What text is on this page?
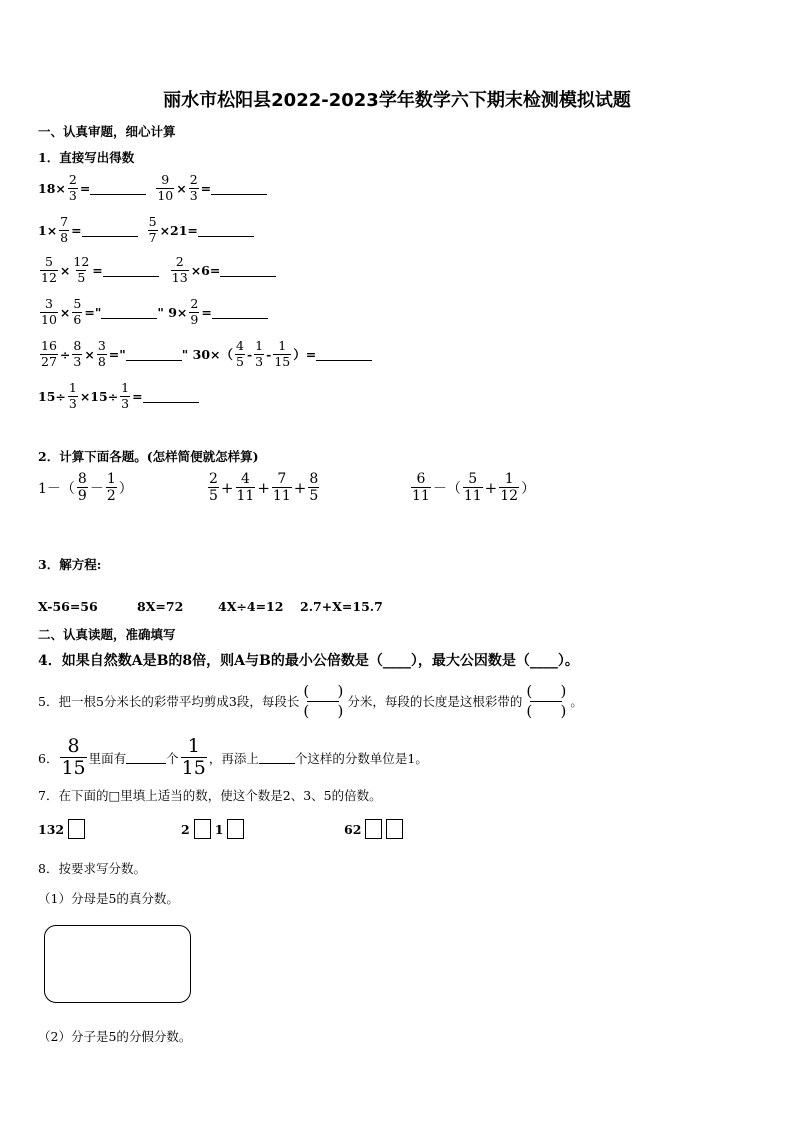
丽水市松阳县2022-2023学年数学六下期末检测模拟试题
一、认真审题，细心计算
1．直接写出得数
$18\times \frac{2}{3}$ =	$\frac{9}{10} \times \frac{2}{3}$ =
$1\times \frac{7}{8}$ =	$\frac{5}{7} \times 21=$
$\frac{5}{12} \times \frac{12}{5}$ =	$\frac{2}{13} \times 6=$
$\frac{3}{10} \times \frac{5}{6}$ ="	" $9\times \frac{2}{9}$ =
$\frac{16}{27} \div \frac{8}{3} \times \frac{3}{8}$ ="	" $30\times( \frac{4}{5} - \frac{1}{3} - \frac{1}{15}$ ）=
$15\div \frac{1}{3} \times 15\div \frac{1}{3}$ =
2．计算下面各题。(怎样简便就怎样算)
$1-( \frac{8}{9} - \frac{1}{2}$ ）	$\frac{2}{5} + \frac{4}{11} + \frac{7}{11} + \frac{8}{5}$	$\frac{6}{11}$ －（ $\frac{5}{11} + \frac{1}{12}$ ）
3．解方程:
X-56=56	8X=72	4X÷4=12 2.7+X=15.7
二、认真读题，准确填写
4．如果自然数A是B的8倍，则A与B的最小公倍数是（____），最大公因数是（____）。
5．把一根5分米长的彩带平均剪成3段，每段长
( )
( )
分米，每段的长度是这根彩带的
( )
( )
。
6． $\frac{8}{15}$ 里面有	个 $\frac{1}{15}$ ，再添上	个这样的分数单位是1。
7．在下面的□里填上适当的数，使这个数是2、3、5的倍数。
132	2 1	62
8．按要求写分数。
（1）分母是5的真分数。
（2）分子是5的分假分数。
